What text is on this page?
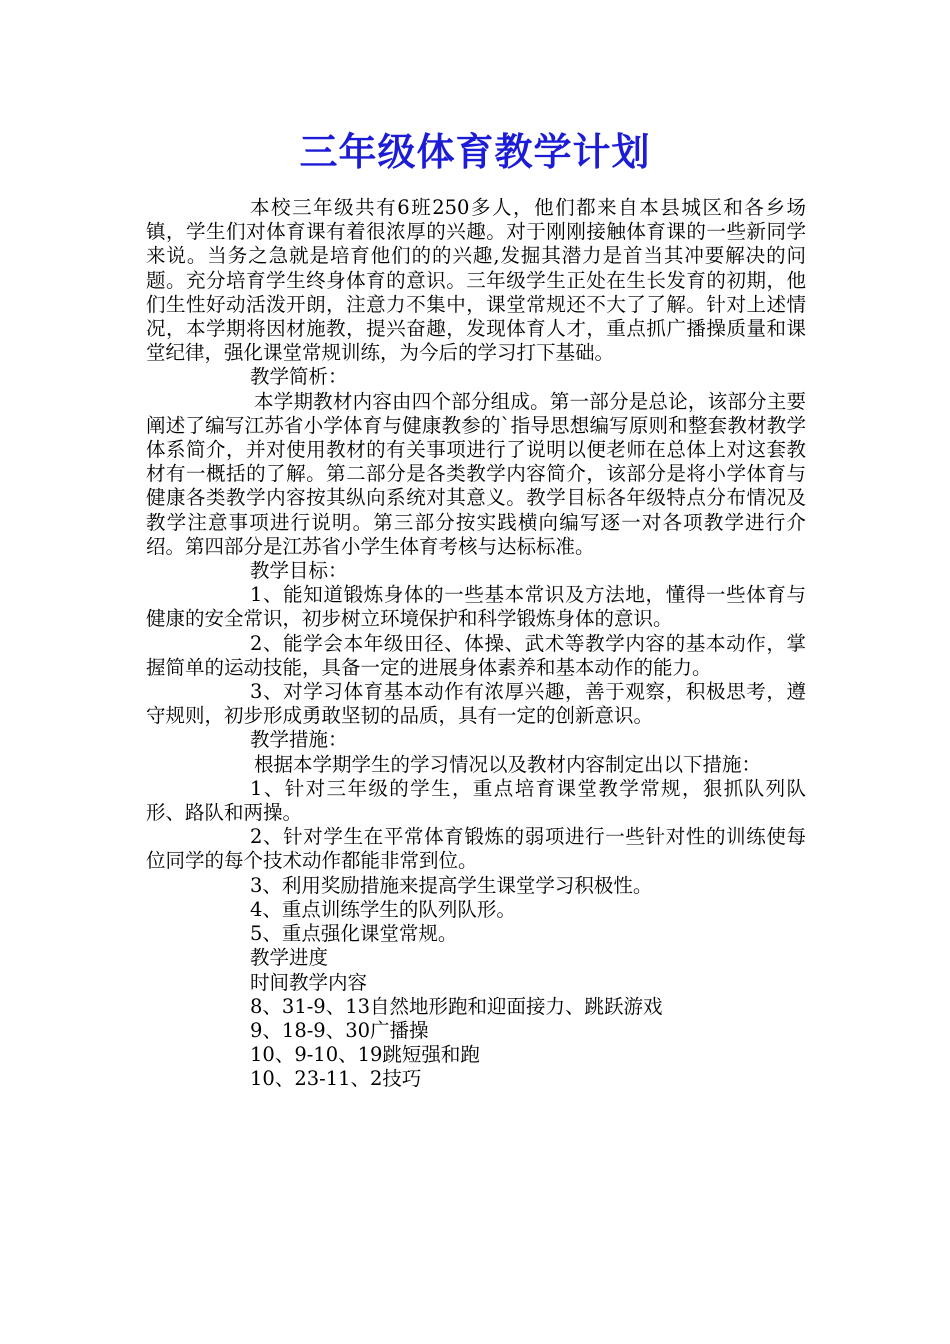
三年级体育教学计划

本校三年级共有6班250多人，他们都来自本县城区和各乡场镇，学生们对体育课有着很浓厚的兴趣。对于刚刚接触体育课的一些新同学来说。当务之急就是培育他们的的兴趣,发掘其潜力是首当其冲要解决的问题。充分培育学生终身体育的意识。三年级学生正处在生长发育的初期，他们生性好动活泼开朗，注意力不集中，课堂常规还不大了了解。针对上述情况，本学期将因材施教，提兴奋趣，发现体育人才，重点抓广播操质量和课堂纪律，强化课堂常规训练，为今后的学习打下基础。

教学简析：

本学期教材内容由四个部分组成。第一部分是总论，该部分主要阐述了编写江苏省小学体育与健康教参的`指导思想编写原则和整套教材教学体系简介，并对使用教材的有关事项进行了说明以便老师在总体上对这套教材有一概括的了解。第二部分是各类教学内容简介，该部分是将小学体育与健康各类教学内容按其纵向系统对其意义。教学目标各年级特点分布情况及教学注意事项进行说明。第三部分按实践横向编写逐一对各项教学进行介绍。第四部分是江苏省小学生体育考核与达标标准。

教学目标：

1、能知道锻炼身体的一些基本常识及方法地，懂得一些体育与健康的安全常识，初步树立环境保护和科学锻炼身体的意识。

2、能学会本年级田径、体操、武术等教学内容的基本动作，掌握简单的运动技能，具备一定的进展身体素养和基本动作的能力。

3、对学习体育基本动作有浓厚兴趣，善于观察，积极思考，遵守规则，初步形成勇敢坚韧的品质，具有一定的创新意识。

教学措施：

根据本学期学生的学习情况以及教材内容制定出以下措施：

1、针对三年级的学生，重点培育课堂教学常规，狠抓队列队形、路队和两操。

2、针对学生在平常体育锻炼的弱项进行一些针对性的训练使每位同学的每个技术动作都能非常到位。

3、利用奖励措施来提高学生课堂学习积极性。

4、重点训练学生的队列队形。

5、重点强化课堂常规。

教学进度

时间教学内容

8、31-9、13自然地形跑和迎面接力、跳跃游戏

9、18-9、30广播操

10、9-10、19跳短强和跑

10、23-11、2技巧
